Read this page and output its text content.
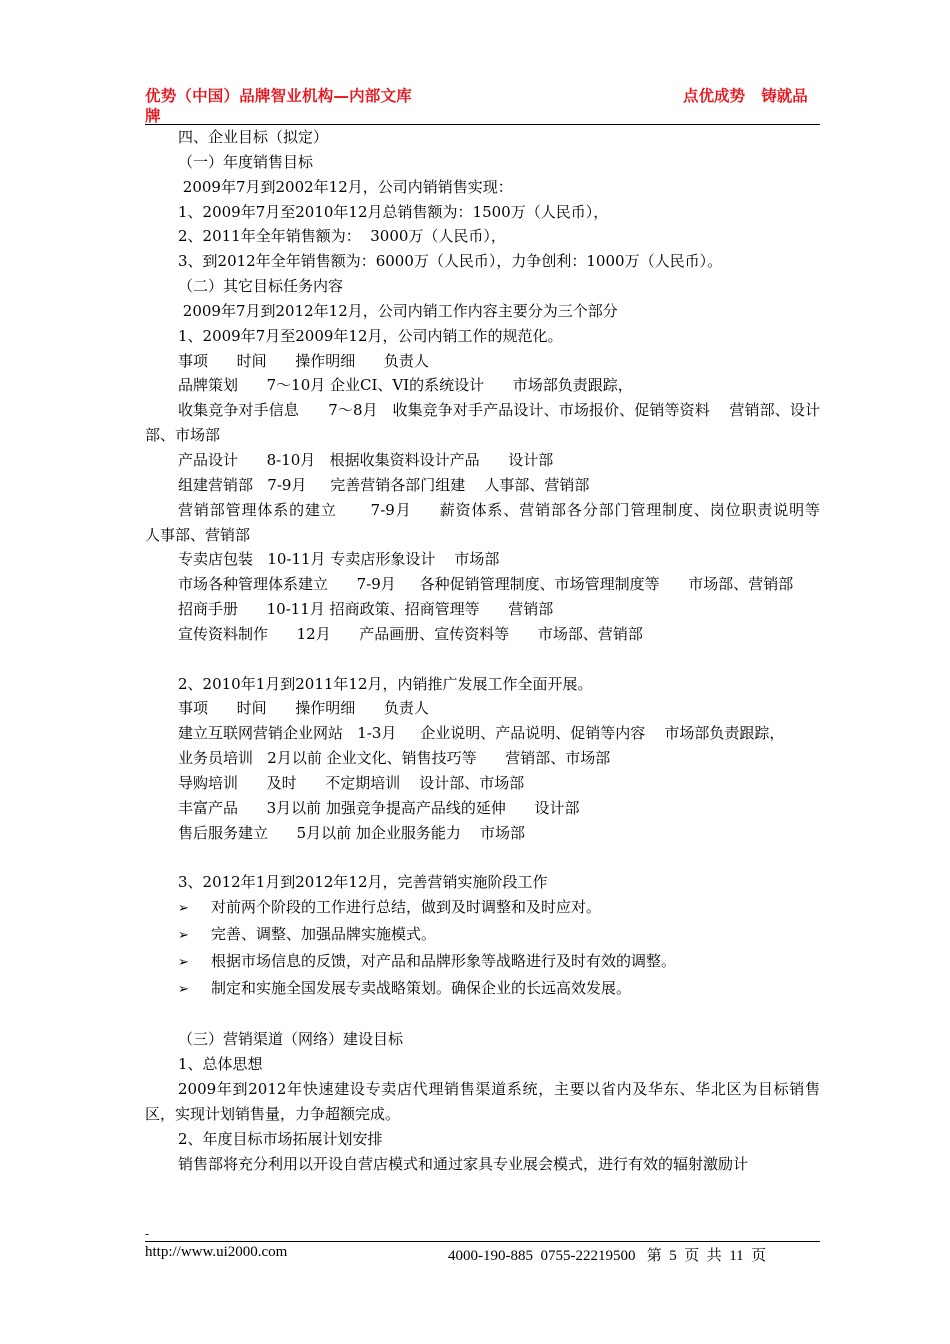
优势（中国）品牌智业机构—内部文库	点优成势   铸就品
牌

四、企业目标（拟定）

（一）年度销售目标

2009年7月到2002年12月，公司内销销售实现：

1、2009年7月至2010年12月总销售额为：1500万（人民币），

2、2011年全年销售额为：  3000万（人民币），

3、到2012年全年销售额为：6000万（人民币），力争创利：1000万（人民币）。

（二）其它目标任务内容

2009年7月到2012年12月，公司内销工作内容主要分为三个部分

1、2009年7月至2009年12月，公司内销工作的规范化。

事项      时间      操作明细      负责人

品牌策划      7～10月 企业CI、VI的系统设计      市场部负责跟踪，

收集竞争对手信息      7～8月   收集竞争对手产品设计、市场报价、促销等资料    营销部、设计部、市场部

产品设计      8-10月   根据收集资料设计产品      设计部

组建营销部   7-9月     完善营销各部门组建    人事部、营销部

营销部管理体系的建立      7-9月     薪资体系、营销部各分部门管理制度、岗位职责说明等      人事部、营销部

专卖店包装   10-11月 专卖店形象设计    市场部

市场各种管理体系建立      7-9月     各种促销管理制度、市场管理制度等      市场部、营销部

招商手册      10-11月 招商政策、招商管理等      营销部

宣传资料制作      12月      产品画册、宣传资料等      市场部、营销部

2、2010年1月到2011年12月，内销推广发展工作全面开展。

事项      时间      操作明细      负责人

建立互联网营销企业网站   1-3月     企业说明、产品说明、促销等内容    市场部负责跟踪，

业务员培训   2月以前 企业文化、销售技巧等      营销部、市场部

导购培训      及时      不定期培训    设计部、市场部

丰富产品      3月以前 加强竞争提高产品线的延伸      设计部

售后服务建立      5月以前 加企业服务能力    市场部

3、2012年1月到2012年12月，完善营销实施阶段工作

➢ 对前两个阶段的工作进行总结，做到及时调整和及时应对。

➢ 完善、调整、加强品牌实施模式。

➢ 根据市场信息的反馈，对产品和品牌形象等战略进行及时有效的调整。

➢ 制定和实施全国发展专卖战略策划。确保企业的长远高效发展。

（三）营销渠道（网络）建设目标

1、总体思想

2009年到2012年快速建设专卖店代理销售渠道系统，主要以省内及华东、华北区为目标销售区，实现计划销售量，力争超额完成。

2、年度目标市场拓展计划安排

销售部将充分利用以开设自营店模式和通过家具专业展会模式，进行有效的辐射激励计

-
http://www.ui2000.com	4000-190-885  0755-22219500   第  5  页  共  11  页
